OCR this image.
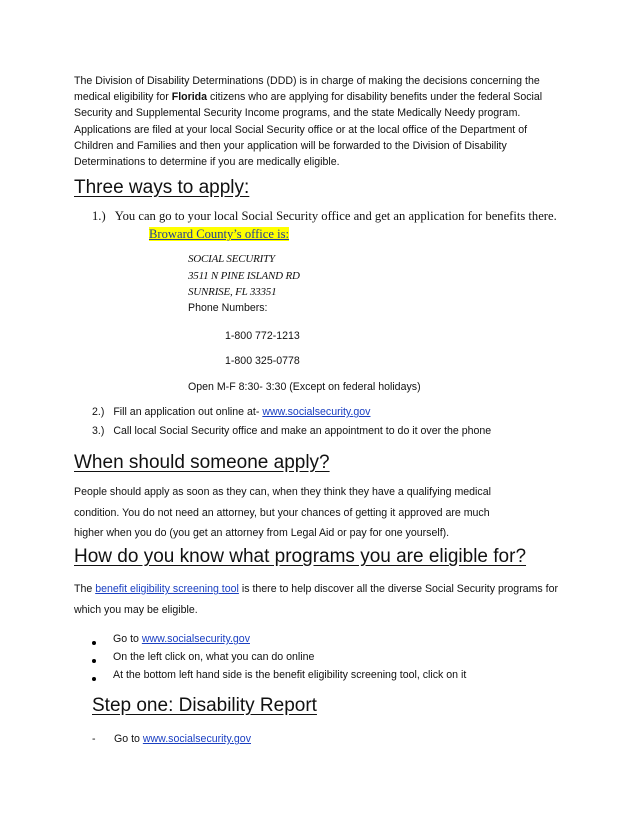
The Division of Disability Determinations (DDD) is in charge of making the decisions concerning the
medical eligibility for Florida citizens who are applying for disability benefits under the federal Social
Security and Supplemental Security Income programs, and the state Medically Needy program.
Applications are filed at your local Social Security office or at the local office of the Department of
Children and Families and then your application will be forwarded to the Division of Disability
Determinations to determine if you are medically eligible.
Three ways to apply:
1.) You can go to your local Social Security office and get an application for benefits there.
Broward County’s office is:
SOCIAL SECURITY
3511 N PINE ISLAND RD
SUNRISE, FL 33351
Phone Numbers:
1-800 772-1213
1-800 325-0778
Open M-F 8:30- 3:30 (Except on federal holidays)
2.) Fill an application out online at- www.socialsecurity.gov
3.) Call local Social Security office and make an appointment to do it over the phone
When should someone apply?
People should apply as soon as they can, when they think they have a qualifying medical
condition. You do not need an attorney, but your chances of getting it approved are much
higher when you do (you get an attorney from Legal Aid or pay for one yourself).
How do you know what programs you are eligible for?
The benefit eligibility screening tool is there to help discover all the diverse Social Security programs for
which you may be eligible.
Go to www.socialsecurity.gov
On the left click on, what you can do online
At the bottom left hand side is the benefit eligibility screening tool, click on it
Step one: Disability Report
- Go to www.socialsecurity.gov
